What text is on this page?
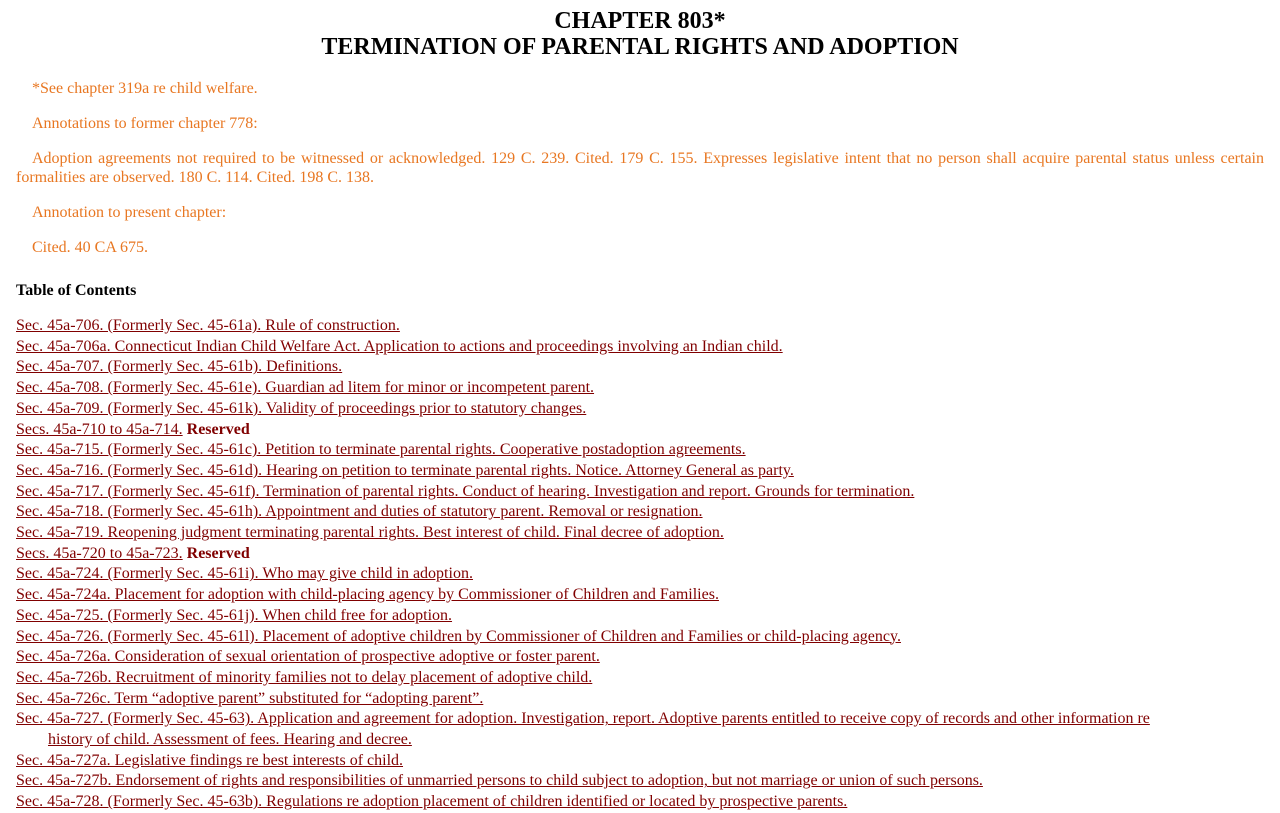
CHAPTER 803*
TERMINATION OF PARENTAL RIGHTS AND ADOPTION

*See chapter 319a re child welfare.

Annotations to former chapter 778:

Adoption agreements not required to be witnessed or acknowledged. 129 C. 239. Cited. 179 C. 155. Expresses legislative intent that no person shall acquire parental status unless certain formalities are observed. 180 C. 114. Cited. 198 C. 138.

Annotation to present chapter:

Cited. 40 CA 675.

Table of Contents
Sec. 45a-706. (Formerly Sec. 45-61a). Rule of construction.
Sec. 45a-706a. Connecticut Indian Child Welfare Act. Application to actions and proceedings involving an Indian child.
Sec. 45a-707. (Formerly Sec. 45-61b). Definitions.
Sec. 45a-708. (Formerly Sec. 45-61e). Guardian ad litem for minor or incompetent parent.
Sec. 45a-709. (Formerly Sec. 45-61k). Validity of proceedings prior to statutory changes.
Secs. 45a-710 to 45a-714. Reserved
Sec. 45a-715. (Formerly Sec. 45-61c). Petition to terminate parental rights. Cooperative postadoption agreements.
Sec. 45a-716. (Formerly Sec. 45-61d). Hearing on petition to terminate parental rights. Notice. Attorney General as party.
Sec. 45a-717. (Formerly Sec. 45-61f). Termination of parental rights. Conduct of hearing. Investigation and report. Grounds for termination.
Sec. 45a-718. (Formerly Sec. 45-61h). Appointment and duties of statutory parent. Removal or resignation.
Sec. 45a-719. Reopening judgment terminating parental rights. Best interest of child. Final decree of adoption.
Secs. 45a-720 to 45a-723. Reserved
Sec. 45a-724. (Formerly Sec. 45-61i). Who may give child in adoption.
Sec. 45a-724a. Placement for adoption with child-placing agency by Commissioner of Children and Families.
Sec. 45a-725. (Formerly Sec. 45-61j). When child free for adoption.
Sec. 45a-726. (Formerly Sec. 45-61l). Placement of adoptive children by Commissioner of Children and Families or child-placing agency.
Sec. 45a-726a. Consideration of sexual orientation of prospective adoptive or foster parent.
Sec. 45a-726b. Recruitment of minority families not to delay placement of adoptive child.
Sec. 45a-726c. Term “adoptive parent” substituted for “adopting parent”.
Sec. 45a-727. (Formerly Sec. 45-63). Application and agreement for adoption. Investigation, report. Adoptive parents entitled to receive copy of records and other information re history of child. Assessment of fees. Hearing and decree.
Sec. 45a-727a. Legislative findings re best interests of child.
Sec. 45a-727b. Endorsement of rights and responsibilities of unmarried persons to child subject to adoption, but not marriage or union of such persons.
Sec. 45a-728. (Formerly Sec. 45-63b). Regulations re adoption placement of children identified or located by prospective parents.
